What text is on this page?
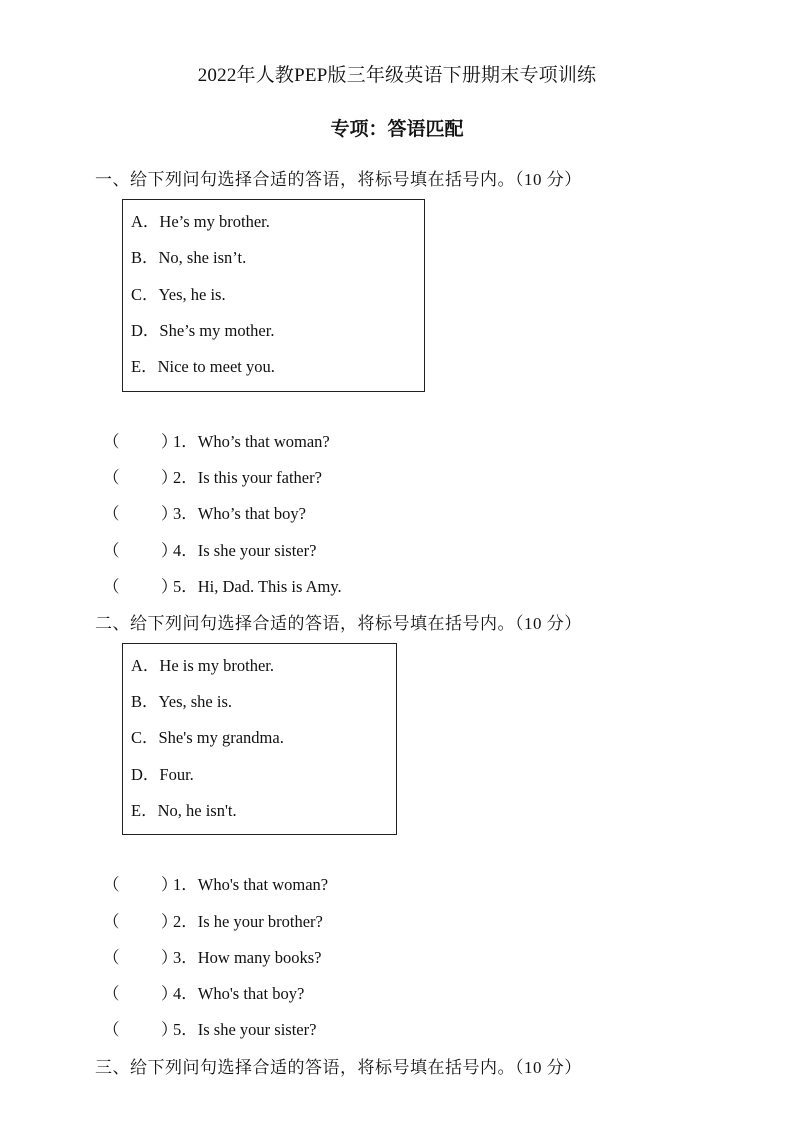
2022年人教PEP版三年级英语下册期末专项训练
专项：答语匹配
一、给下列问句选择合适的答语，将标号填在括号内。（10 分）
A．He’s my brother.
B．No, she isn’t.
C．Yes, he is.
D．She’s my mother.
E．Nice to meet you.
（	）1．Who’s that woman?
（	）2．Is this your father?
（	）3．Who’s that boy?
（	）4．Is she your sister?
（	）5．Hi, Dad. This is Amy.
二、给下列问句选择合适的答语，将标号填在括号内。（10 分）
A．He is my brother.
B．Yes, she is.
C．She's my grandma.
D．Four.
E．No, he isn't.
（	）1．Who's that woman?
（	）2．Is he your brother?
（	）3．How many books?
（	）4．Who's that boy?
（	）5．Is she your sister?
三、给下列问句选择合适的答语，将标号填在括号内。（10 分）
